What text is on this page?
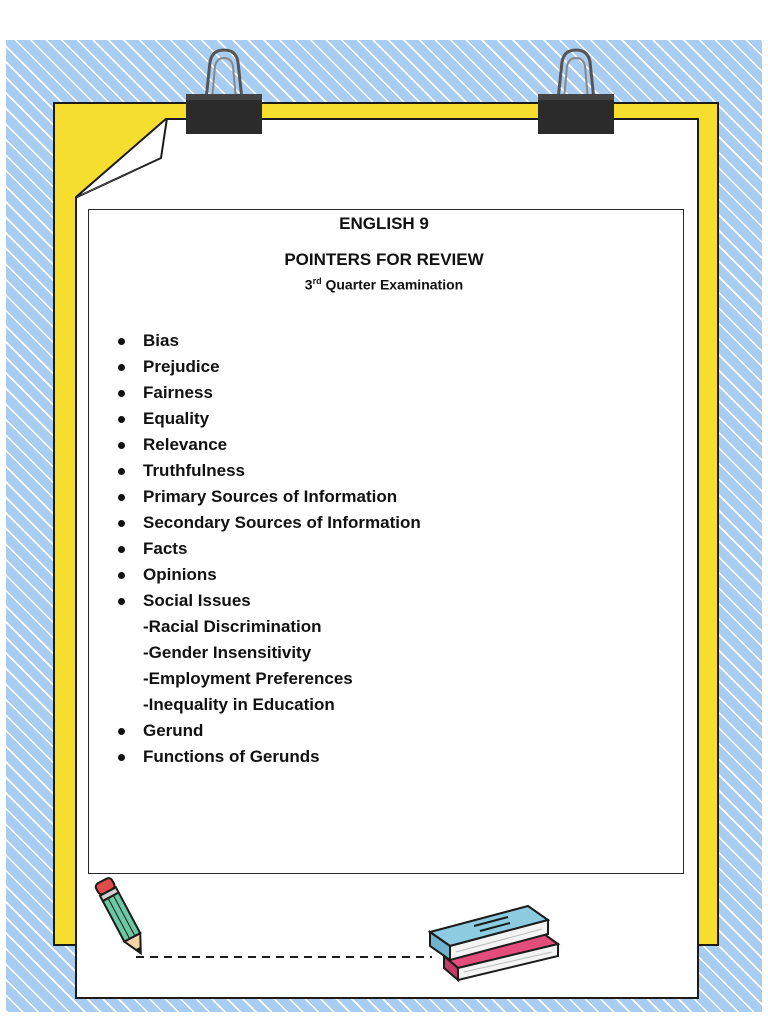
ENGLISH 9
POINTERS FOR REVIEW
3rd Quarter Examination
Bias
Prejudice
Fairness
Equality
Relevance
Truthfulness
Primary Sources of Information
Secondary Sources of Information
Facts
Opinions
Social Issues
-Racial Discrimination
-Gender Insensitivity
-Employment Preferences
-Inequality in Education
Gerund
Functions of Gerunds
